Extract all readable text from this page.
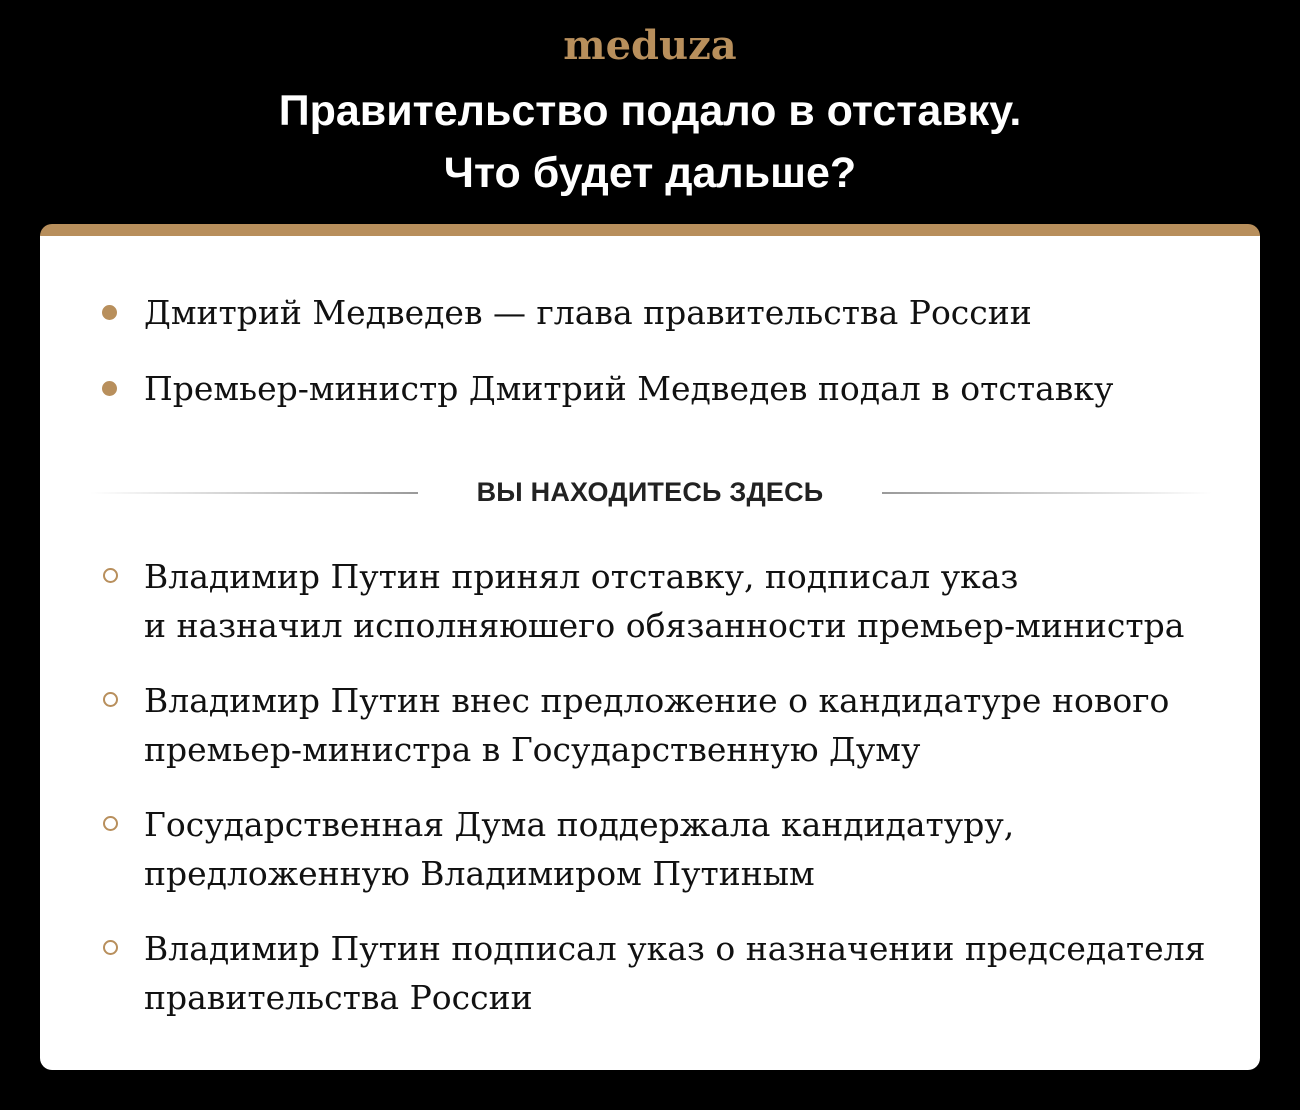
meduza
Правительство подало в отставку.
Что будет дальше?
Дмитрий Медведев — глава правительства России
Премьер-министр Дмитрий Медведев подал в отставку
ВЫ НАХОДИТЕСЬ ЗДЕСЬ
Владимир Путин принял отставку, подписал указ
и назначил исполняюшего обязанности премьер-министра
Владимир Путин внес предложение о кандидатуре нового
премьер-министра в Государственную Думу
Государственная Дума поддержала кандидатуру,
предложенную Владимиром Путиным
Владимир Путин подписал указ о назначении председателя
правительства России
